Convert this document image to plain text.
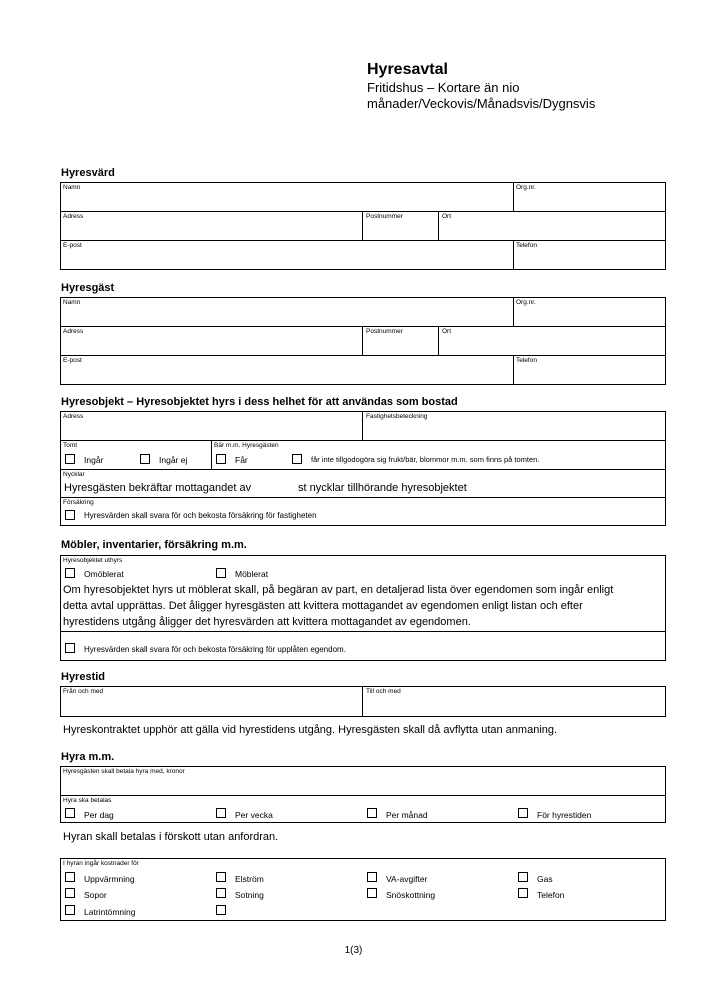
Hyresavtal
Fritidshus – Kortare än nio månader/Veckovis/Månadsvis/Dygnsvis
Hyresvärd
Namn	Org.nr.
Adress	Postnummer	Ort
E-post	Telefon
Hyresgäst
Namn	Org.nr.
Adress	Postnummer	Ort
E-post	Telefon
Hyresobjekt – Hyresobjektet hyrs i dess helhet för att användas som bostad
Adress	Fastighetsbeteckning
Tomt
Ingår	Ingår ej
Bär m.m. Hyresgästen
Får	får inte tillgodogöra sig frukt/bär, blommor m.m. som finns på tomten.
Nycklar
Hyresgästen bekräftar mottagandet av	st nycklar tillhörande hyresobjektet
Försäkring
Hyresvärden skall svara för och bekosta försäkring för fastigheten
Möbler, inventarier, försäkring m.m.
Hyresobjektet uthyrs
Omöblerat	Möblerat
Om hyresobjektet hyrs ut möblerat skall, på begäran av part, en detaljerad lista över egendomen som ingår enligt
detta avtal upprättas. Det åligger hyresgästen att kvittera mottagandet av egendomen enligt listan och efter
hyrestidens utgång åligger det hyresvärden att kvittera mottagandet av egendomen.
Hyresvärden skall svara för och bekosta försäkring för upplåten egendom.
Hyrestid
Från och med	Till och med
Hyreskontraktet upphör att gälla vid hyrestidens utgång. Hyresgästen skall då avflytta utan anmaning.
Hyra m.m.
Hyresgästen skall betala hyra med, kronor
Hyra ska betalas
Per dag	Per vecka	Per månad	För hyrestiden
Hyran skall betalas i förskott utan anfordran.
I hyran ingår kostnader för
Uppvärmning	Elström	VA-avgifter	Gas
Sopor	Sotning	Snöskottning	Telefon
Latrintömning
1(3)
